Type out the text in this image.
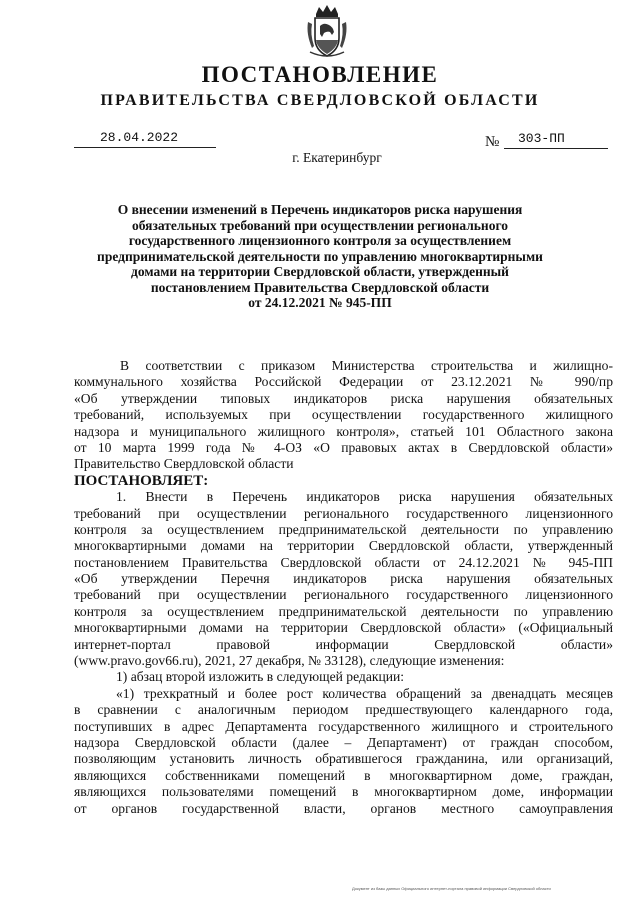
ПОСТАНОВЛЕНИЕ
ПРАВИТЕЛЬСТВА СВЕРДЛОВСКОЙ ОБЛАСТИ
28.04.2022	№	303-ПП
г. Екатеринбург
О внесении изменений в Перечень индикаторов риска нарушения
обязательных требований при осуществлении регионального
государственного лицензионного контроля за осуществлением
предпринимательской деятельности по управлению многоквартирными
домами на территории Свердловской области, утвержденный
постановлением Правительства Свердловской области
от 24.12.2021 № 945-ПП
В соответствии с приказом Министерства строительства и жилищно-
коммунального хозяйства Российской Федерации от 23.12.2021 № 990/пр
«Об утверждении типовых индикаторов риска нарушения обязательных
требований, используемых при осуществлении государственного жилищного
надзора и муниципального жилищного контроля», статьей 101 Областного закона
от 10 марта 1999 года № 4-ОЗ «О правовых актах в Свердловской области»
Правительство Свердловской области
ПОСТАНОВЛЯЕТ:
1. Внести в Перечень индикаторов риска нарушения обязательных
требований при осуществлении регионального государственного лицензионного
контроля за осуществлением предпринимательской деятельности по управлению
многоквартирными домами на территории Свердловской области, утвержденный
постановлением Правительства Свердловской области от 24.12.2021 № 945-ПП
«Об утверждении Перечня индикаторов риска нарушения обязательных
требований при осуществлении регионального государственного лицензионного
контроля за осуществлением предпринимательской деятельности по управлению
многоквартирными домами на территории Свердловской области» («Официальный
интернет-портал правовой информации Свердловской области»
(www.pravo.gov66.ru), 2021, 27 декабря, № 33128), следующие изменения:
1) абзац второй изложить в следующей редакции:
«1) трехкратный и более рост количества обращений за двенадцать месяцев
в сравнении с аналогичным периодом предшествующего календарного года,
поступивших в адрес Департамента государственного жилищного и строительного
надзора Свердловской области (далее – Департамент) от граждан способом,
позволяющим установить личность обратившегося гражданина, или организаций,
являющихся собственниками помещений в многоквартирном доме, граждан,
являющихся пользователями помещений в многоквартирном доме, информации
от органов государственной власти, органов местного самоуправления
Документ из базы данных Официального интернет-портала правовой информации Свердловской области
